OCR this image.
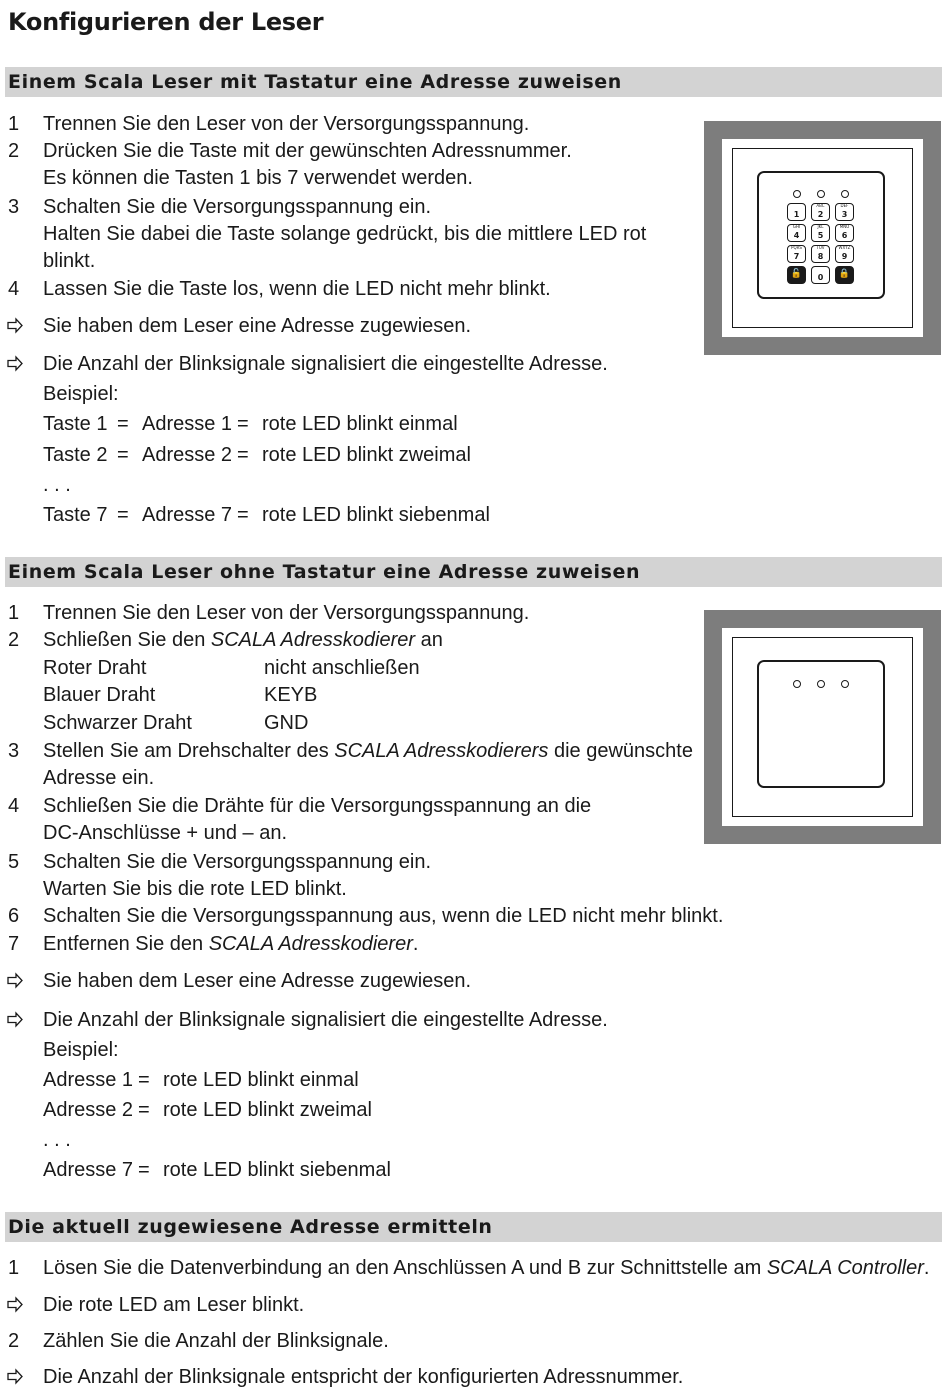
Konfigurieren der Leser
Einem Scala Leser mit Tastatur eine Adresse zuweisen
1 Trennen Sie den Leser von der Versorgungsspannung.
2 Drücken Sie die Taste mit der gewünschten Adressnummer.
Es können die Tasten 1 bis 7 verwendet werden.
3 Schalten Sie die Versorgungsspannung ein.
Halten Sie dabei die Taste solange gedrückt, bis die mittlere LED rot
blinkt.
4 Lassen Sie die Taste los, wenn die LED nicht mehr blinkt.
Sie haben dem Leser eine Adresse zugewiesen.
Die Anzahl der Blinksignale signalisiert die eingestellte Adresse.
Beispiel:
Taste 1 = Adresse 1 = rote LED blinkt einmal
Taste 2 = Adresse 2 = rote LED blinkt zweimal
. . .
Taste 7 = Adresse 7 = rote LED blinkt siebenmal
1
ABC
2
DEF
3
GHI
4
JKL
5
MNO
6
PQRS
7
TUV
8
WXYZ
9
🔓	0	🔒
Einem Scala Leser ohne Tastatur eine Adresse zuweisen
1 Trennen Sie den Leser von der Versorgungsspannung.
2 Schließen Sie den SCALA Adresskodierer an
Roter Draht	nicht anschließen
Blauer Draht	KEYB
Schwarzer Draht	GND
3 Stellen Sie am Drehschalter des SCALA Adresskodierers die gewünschte
Adresse ein.
4 Schließen Sie die Drähte für die Versorgungsspannung an die
DC-Anschlüsse + und – an.
5 Schalten Sie die Versorgungsspannung ein.
Warten Sie bis die rote LED blinkt.
6 Schalten Sie die Versorgungsspannung aus, wenn die LED nicht mehr blinkt.
7 Entfernen Sie den SCALA Adresskodierer.
Sie haben dem Leser eine Adresse zugewiesen.
Die Anzahl der Blinksignale signalisiert die eingestellte Adresse.
Beispiel:
Adresse 1 = rote LED blinkt einmal
Adresse 2 = rote LED blinkt zweimal
. . .
Adresse 7 = rote LED blinkt siebenmal
Die aktuell zugewiesene Adresse ermitteln
1 Lösen Sie die Datenverbindung an den Anschlüssen A und B zur Schnittstelle am SCALA Controller.
Die rote LED am Leser blinkt.
2 Zählen Sie die Anzahl der Blinksignale.
Die Anzahl der Blinksignale entspricht der konfigurierten Adressnummer.
